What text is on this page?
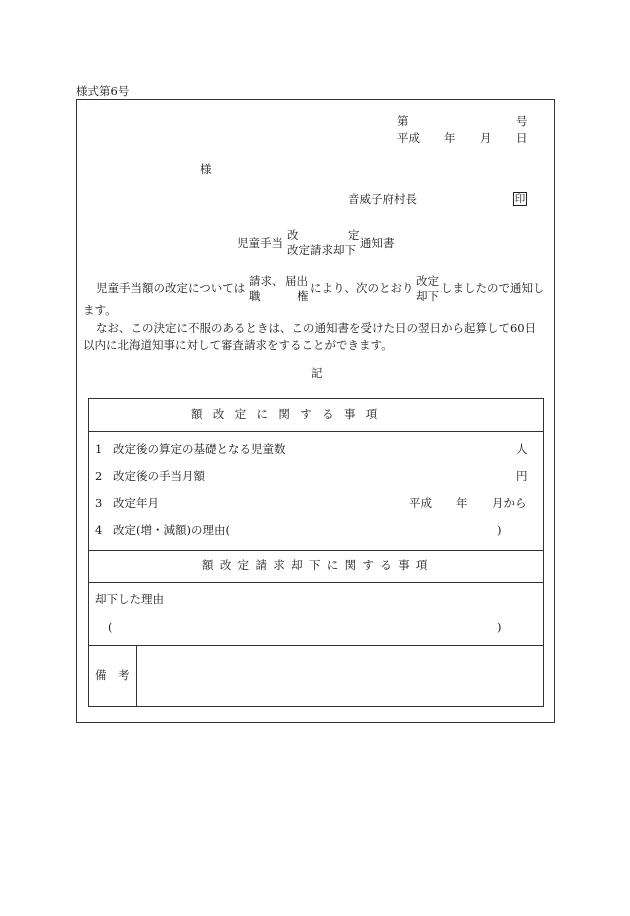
様式第6号
第	号
平成 年 月 日
様
音威子府村長	印
児童手当
改
改定請求却下
定
通知書
児童手当額の改定については 請求、
職
届出
権
により、次のとおり 改定
却下
しましたので通知し
ます。
なお、この決定に不服のあるときは、この通知書を受けた日の翌日から起算して60日
以内に北海道知事に対して審査請求をすることができます。
記
額改定に関する事項
1 改定後の算定の基礎となる児童数	人
2 改定後の手当月額	円
3 改定年月	平成 年 月から
4 改定(増・減額)の理由(	)
額改定請求却下に関する事項
却下した理由
(	)
備　考
